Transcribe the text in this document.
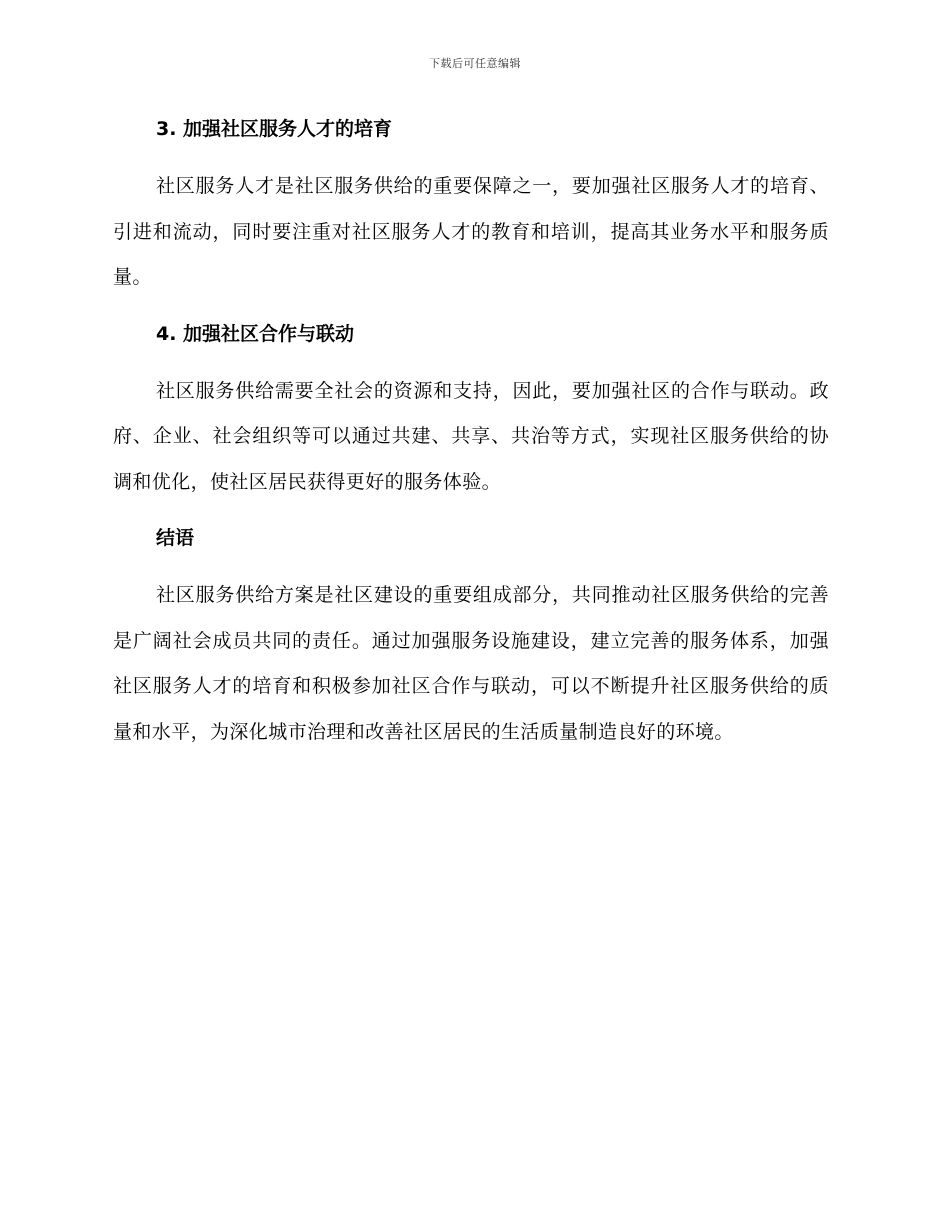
下载后可任意编辑

3. 加强社区服务人才的培育

社区服务人才是社区服务供给的重要保障之一，要加强社区服务人才的培育、引进和流动，同时要注重对社区服务人才的教育和培训，提高其业务水平和服务质量。

4. 加强社区合作与联动

社区服务供给需要全社会的资源和支持，因此，要加强社区的合作与联动。政府、企业、社会组织等可以通过共建、共享、共治等方式，实现社区服务供给的协调和优化，使社区居民获得更好的服务体验。

结语

社区服务供给方案是社区建设的重要组成部分，共同推动社区服务供给的完善是广阔社会成员共同的责任。通过加强服务设施建设，建立完善的服务体系，加强社区服务人才的培育和积极参加社区合作与联动，可以不断提升社区服务供给的质量和水平，为深化城市治理和改善社区居民的生活质量制造良好的环境。
